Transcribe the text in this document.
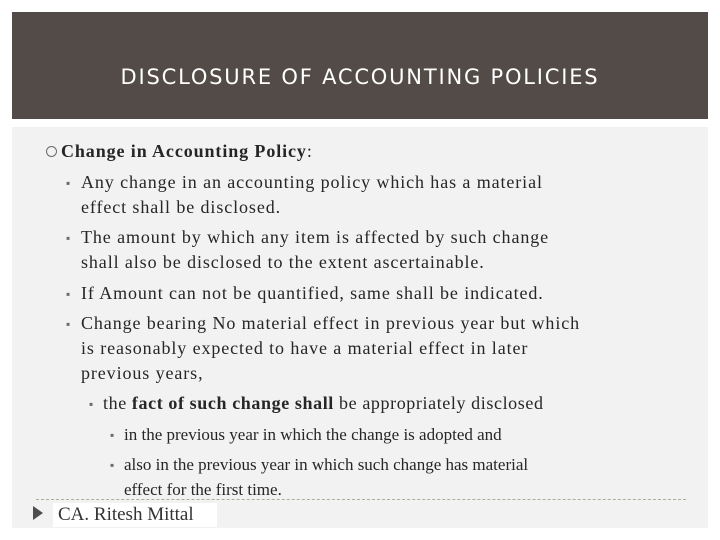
DISCLOSURE OF ACCOUNTING POLICIES

Change in Accounting Policy:

▪ Any change in an accounting policy which has a material

effect shall be disclosed.

▪ The amount by which any item is affected by such change

shall also be disclosed to the extent ascertainable.

▪ If Amount can not be quantified, same shall be indicated.

▪ Change bearing No material effect in previous year but which

is reasonably expected to have a material effect in later

previous years,

▪ the fact of such change shall be appropriately disclosed

▪ in the previous year in which the change is adopted and

▪ also in the previous year in which such change has material

effect for the first time.

CA. Ritesh Mittal
